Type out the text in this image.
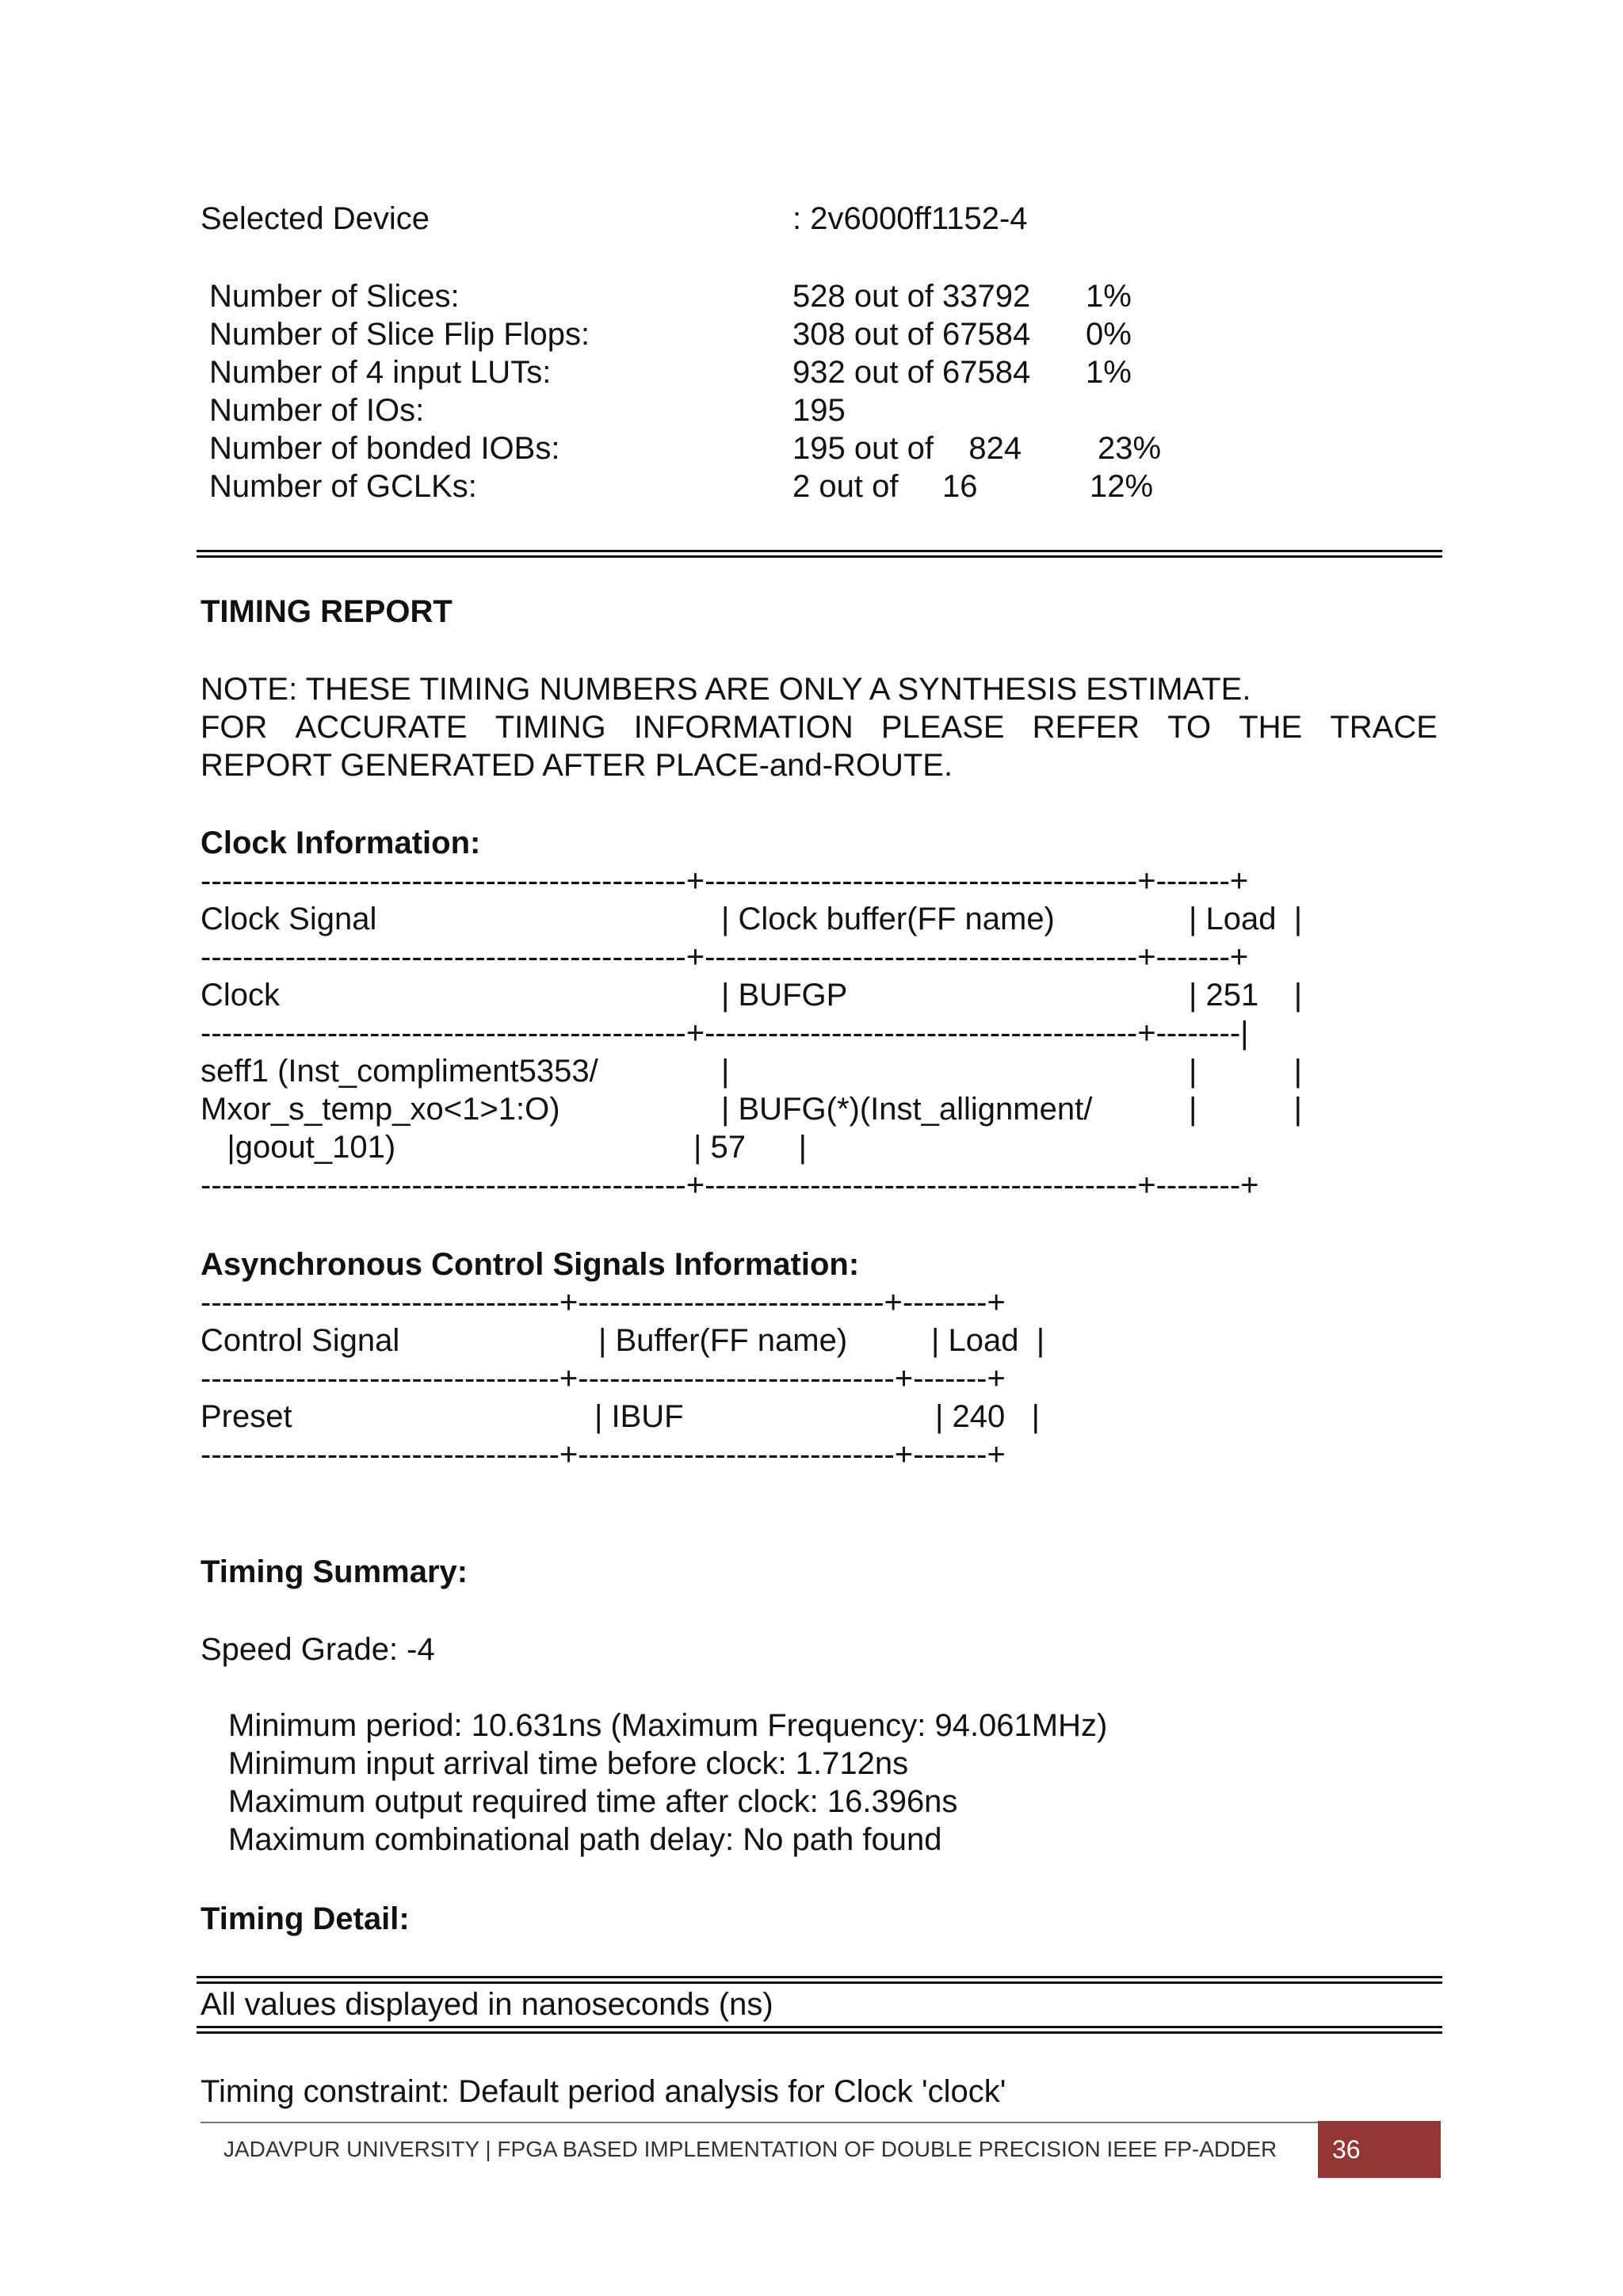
Selected Device	: 2v6000ff1152-4
Number of Slices:	528 out of 33792 1%
Number of Slice Flip Flops:	308 out of 67584 0%
Number of 4 input LUTs:	932 out of 67584 1%
Number of IOs:	195
Number of bonded IOBs:	195 out of    824 23%
Number of GCLKs:	2 out of     16	12%
TIMING REPORT
NOTE: THESE TIMING NUMBERS ARE ONLY A SYNTHESIS ESTIMATE.
FOR ACCURATE TIMING INFORMATION PLEASE REFER TO THE TRACE
REPORT GENERATED AFTER PLACE-and-ROUTE.
Clock Information:
----------------------------------------------+-----------------------------------------+-------+
Clock Signal	| Clock buffer(FF name)	| Load  |
----------------------------------------------+-----------------------------------------+-------+
Clock	| BUFGP	| 251    |
----------------------------------------------+-----------------------------------------+--------|
seff1 (Inst_compliment5353/	|	|           |
Mxor_s_temp_xo<1>1:O)	| BUFG(*)(Inst_allignment/	|           |
|goout_101)	| 57      |
----------------------------------------------+-----------------------------------------+--------+
Asynchronous Control Signals Information:
----------------------------------+-----------------------------+--------+
Control Signal	| Buffer(FF name)	| Load  |
----------------------------------+------------------------------+-------+
Preset	| IBUF	| 240   |
----------------------------------+------------------------------+-------+
Timing Summary:
Speed Grade: -4
Minimum period: 10.631ns (Maximum Frequency: 94.061MHz)
Minimum input arrival time before clock: 1.712ns
Maximum output required time after clock: 16.396ns
Maximum combinational path delay: No path found
Timing Detail:
All values displayed in nanoseconds (ns)
Timing constraint: Default period analysis for Clock 'clock'
JADAVPUR UNIVERSITY | FPGA BASED IMPLEMENTATION OF DOUBLE PRECISION IEEE FP-ADDER	36
